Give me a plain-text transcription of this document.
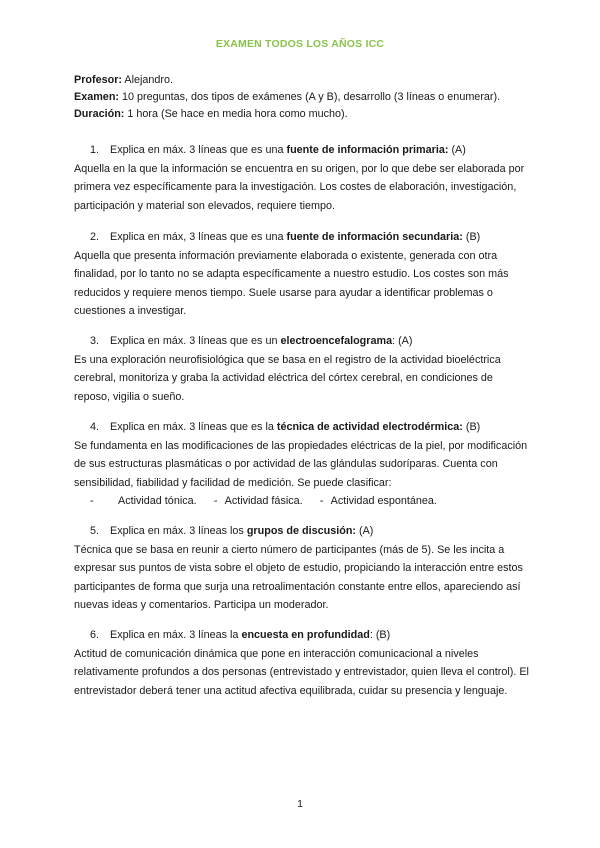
EXAMEN TODOS LOS AÑOS ICC
Profesor: Alejandro.
Examen: 10 preguntas, dos tipos de exámenes (A y B), desarrollo (3 líneas o enumerar).
Duración: 1 hora (Se hace en media hora como mucho).
1. Explica en máx. 3 líneas que es una fuente de información primaria: (A)
Aquella en la que la información se encuentra en su origen, por lo que debe ser elaborada por primera vez específicamente para la investigación. Los costes de elaboración, investigación, participación y material son elevados, requiere tiempo.
2. Explica en máx, 3 líneas que es una fuente de información secundaria: (B)
Aquella que presenta información previamente elaborada o existente, generada con otra finalidad, por lo tanto no se adapta específicamente a nuestro estudio. Los costes son más reducidos y requiere menos tiempo. Suele usarse para ayudar a identificar problemas o cuestiones a investigar.
3. Explica en máx. 3 líneas que es un electroencefalograma: (A)
Es una exploración neurofisiológica que se basa en el registro de la actividad bioeléctrica cerebral, monitoriza y graba la actividad eléctrica del córtex cerebral, en condiciones de reposo, vigilia o sueño.
4. Explica en máx. 3 líneas que es la técnica de actividad electrodérmica: (B)
Se fundamenta en las modificaciones de las propiedades eléctricas de la piel, por modificación de sus estructuras plasmáticas o por actividad de las glándulas sudoríparas. Cuenta con sensibilidad, fiabilidad y facilidad de medición. Se puede clasificar:
- Actividad tónica. - Actividad fásica. - Actividad espontánea.
5. Explica en máx. 3 líneas los grupos de discusión: (A)
Técnica que se basa en reunir a cierto número de participantes (más de 5). Se les incita a expresar sus puntos de vista sobre el objeto de estudio, propiciando la interacción entre estos participantes de forma que surja una retroalimentación constante entre ellos, apareciendo así nuevas ideas y comentarios. Participa un moderador.
6. Explica en máx. 3 líneas la encuesta en profundidad: (B)
Actitud de comunicación dinámica que pone en interacción comunicacional a niveles relativamente profundos a dos personas (entrevistado y entrevistador, quien lleva el control). El entrevistador deberá tener una actitud afectiva equilibrada, cuidar su presencia y lenguaje.
1
